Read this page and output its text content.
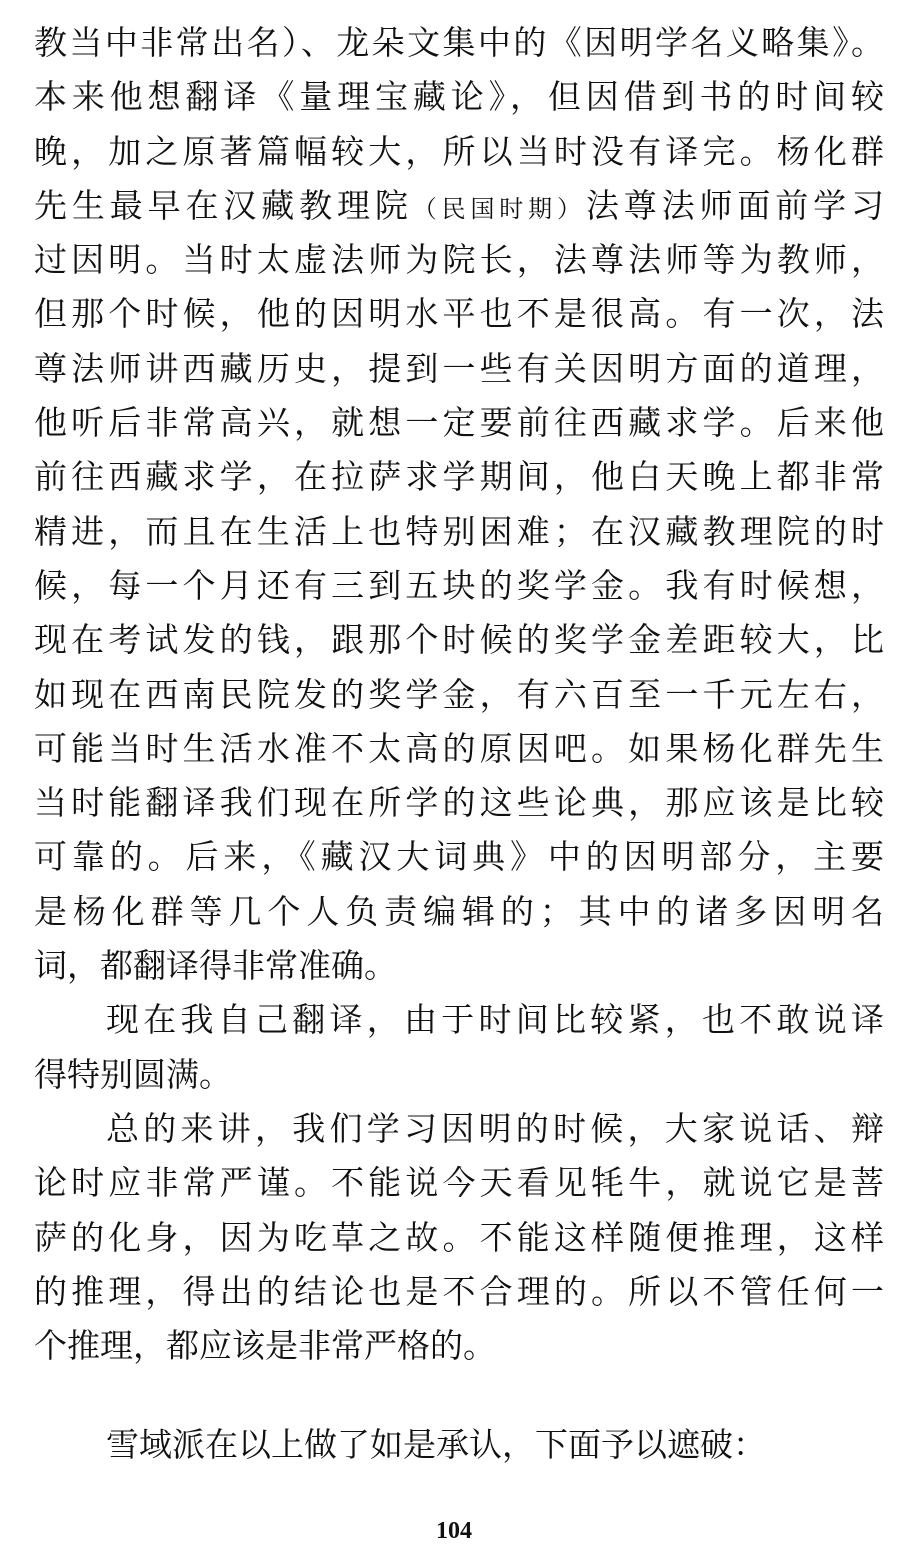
教当中非常出名）、龙朵文集中的《因明学名义略集》。
本来他想翻译《量理宝藏论》，但因借到书的时间较
晚，加之原著篇幅较大，所以当时没有译完。杨化群
先生最早在汉藏教理院（民国时期）法尊法师面前学习
过因明。当时太虚法师为院长，法尊法师等为教师，
但那个时候，他的因明水平也不是很高。有一次，法
尊法师讲西藏历史，提到一些有关因明方面的道理，
他听后非常高兴，就想一定要前往西藏求学。后来他
前往西藏求学，在拉萨求学期间，他白天晚上都非常
精进，而且在生活上也特别困难；在汉藏教理院的时
候，每一个月还有三到五块的奖学金。我有时候想，
现在考试发的钱，跟那个时候的奖学金差距较大，比
如现在西南民院发的奖学金，有六百至一千元左右，
可能当时生活水准不太高的原因吧。如果杨化群先生
当时能翻译我们现在所学的这些论典，那应该是比较
可靠的。后来，《藏汉大词典》中的因明部分，主要
是杨化群等几个人负责编辑的；其中的诸多因明名
词，都翻译得非常准确。
现在我自己翻译，由于时间比较紧，也不敢说译
得特别圆满。
总的来讲，我们学习因明的时候，大家说话、辩
论时应非常严谨。不能说今天看见牦牛，就说它是菩
萨的化身，因为吃草之故。不能这样随便推理，这样
的推理，得出的结论也是不合理的。所以不管任何一
个推理，都应该是非常严格的。
雪域派在以上做了如是承认，下面予以遮破：
104
